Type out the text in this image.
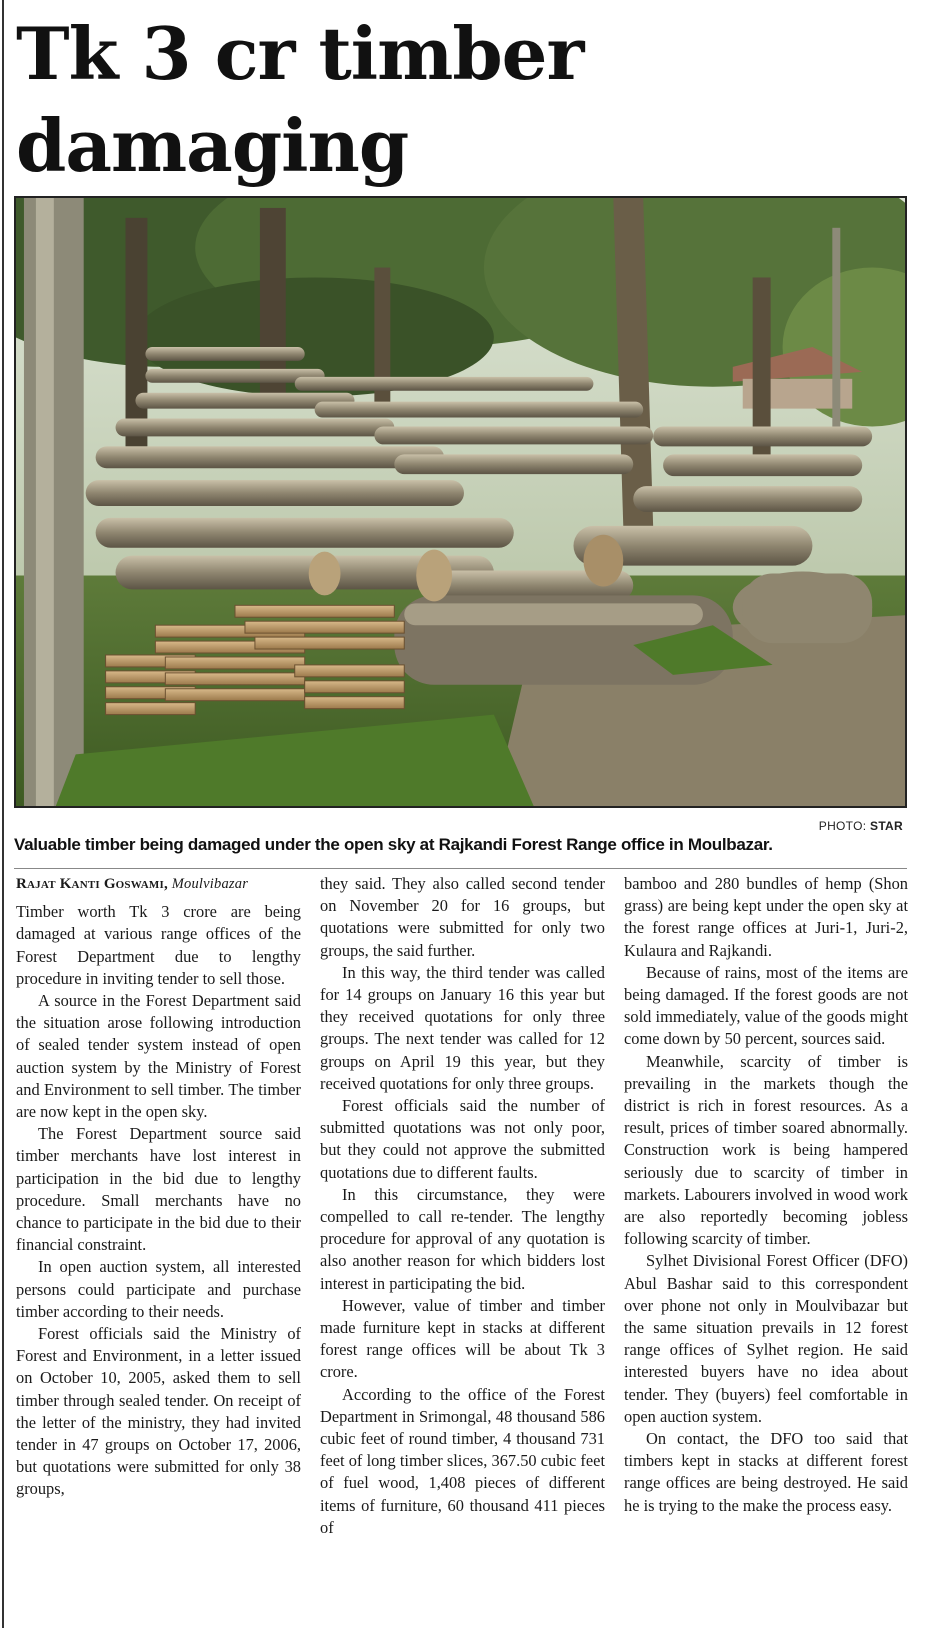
Tk 3 cr timber damaging

PHOTO: STAR
Valuable timber being damaged under the open sky at Rajkandi Forest Range office in Moulbazar.
Rajat Kanti Goswami, Moulvibazar

Timber worth Tk 3 crore are being damaged at various range offices of the Forest Department due to lengthy procedure in inviting tender to sell those.

A source in the Forest Department said the situation arose following introduction of sealed tender system instead of open auction system by the Ministry of Forest and Environment to sell timber. The timber are now kept in the open sky.

The Forest Department source said timber merchants have lost interest in participation in the bid due to lengthy procedure. Small merchants have no chance to participate in the bid due to their financial constraint.

In open auction system, all interested persons could participate and purchase timber according to their needs.

Forest officials said the Ministry of Forest and Environment, in a letter issued on October 10, 2005, asked them to sell timber through sealed tender. On receipt of the letter of the ministry, they had invited tender in 47 groups on October 17, 2006, but quotations were submitted for only 38 groups,

they said. They also called second tender on November 20 for 16 groups, but quotations were submitted for only two groups, the said further.

In this way, the third tender was called for 14 groups on January 16 this year but they received quotations for only three groups. The next tender was called for 12 groups on April 19 this year, but they received quotations for only three groups.

Forest officials said the number of submitted quotations was not only poor, but they could not approve the submitted quotations due to different faults.

In this circumstance, they were compelled to call re-tender. The lengthy procedure for approval of any quotation is also another reason for which bidders lost interest in participating the bid.

However, value of timber and timber made furniture kept in stacks at different forest range offices will be about Tk 3 crore.

According to the office of the Forest Department in Srimongal, 48 thousand 586 cubic feet of round timber, 4 thousand 731 feet of long timber slices, 367.50 cubic feet of fuel wood, 1,408 pieces of different items of furniture, 60 thousand 411 pieces of

bamboo and 280 bundles of hemp (Shon grass) are being kept under the open sky at the forest range offices at Juri-1, Juri-2, Kulaura and Rajkandi.

Because of rains, most of the items are being damaged. If the forest goods are not sold immediately, value of the goods might come down by 50 percent, sources said.

Meanwhile, scarcity of timber is prevailing in the markets though the district is rich in forest resources. As a result, prices of timber soared abnormally. Construction work is being hampered seriously due to scarcity of timber in markets. Labourers involved in wood work are also reportedly becoming jobless following scarcity of timber.

Sylhet Divisional Forest Officer (DFO) Abul Bashar said to this correspondent over phone not only in Moulvibazar but the same situation prevails in 12 forest range offices of Sylhet region. He said interested buyers have no idea about tender. They (buyers) feel comfortable in open auction system.

On contact, the DFO too said that timbers kept in stacks at different forest range offices are being destroyed. He said he is trying to the make the process easy.
